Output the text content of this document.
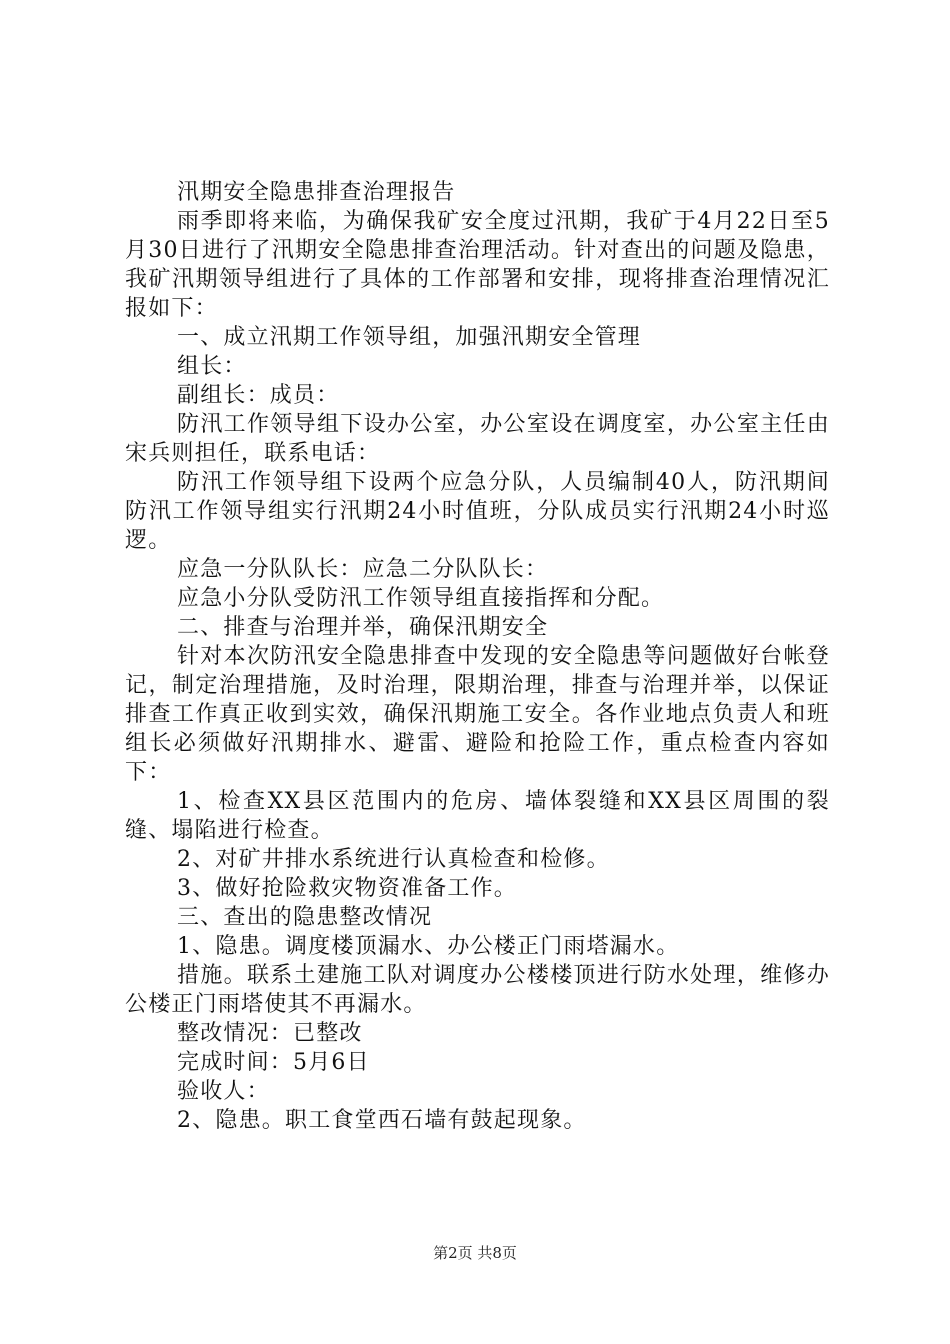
汛期安全隐患排查治理报告

雨季即将来临，为确保我矿安全度过汛期，我矿于4月22日至5月30日进行了汛期安全隐患排查治理活动。针对查出的问题及隐患，我矿汛期领导组进行了具体的工作部署和安排，现将排查治理情况汇报如下：

一、成立汛期工作领导组，加强汛期安全管理

组长：

副组长：成员：

防汛工作领导组下设办公室，办公室设在调度室，办公室主任由宋兵则担任，联系电话：

防汛工作领导组下设两个应急分队，人员编制40人，防汛期间防汛工作领导组实行汛期24小时值班，分队成员实行汛期24小时巡逻。

应急一分队队长：应急二分队队长：

应急小分队受防汛工作领导组直接指挥和分配。

二、排查与治理并举，确保汛期安全

针对本次防汛安全隐患排查中发现的安全隐患等问题做好台帐登记，制定治理措施，及时治理，限期治理，排查与治理并举，以保证排查工作真正收到实效，确保汛期施工安全。各作业地点负责人和班组长必须做好汛期排水、避雷、避险和抢险工作，重点检查内容如下：

1、检查XX县区范围内的危房、墙体裂缝和XX县区周围的裂缝、塌陷进行检查。

2、对矿井排水系统进行认真检查和检修。

3、做好抢险救灾物资准备工作。

三、查出的隐患整改情况

1、隐患。调度楼顶漏水、办公楼正门雨塔漏水。

措施。联系土建施工队对调度办公楼楼顶进行防水处理，维修办公楼正门雨塔使其不再漏水。

整改情况：已整改

完成时间：5月6日

验收人：

2、隐患。职工食堂西石墙有鼓起现象。

第2页 共8页
